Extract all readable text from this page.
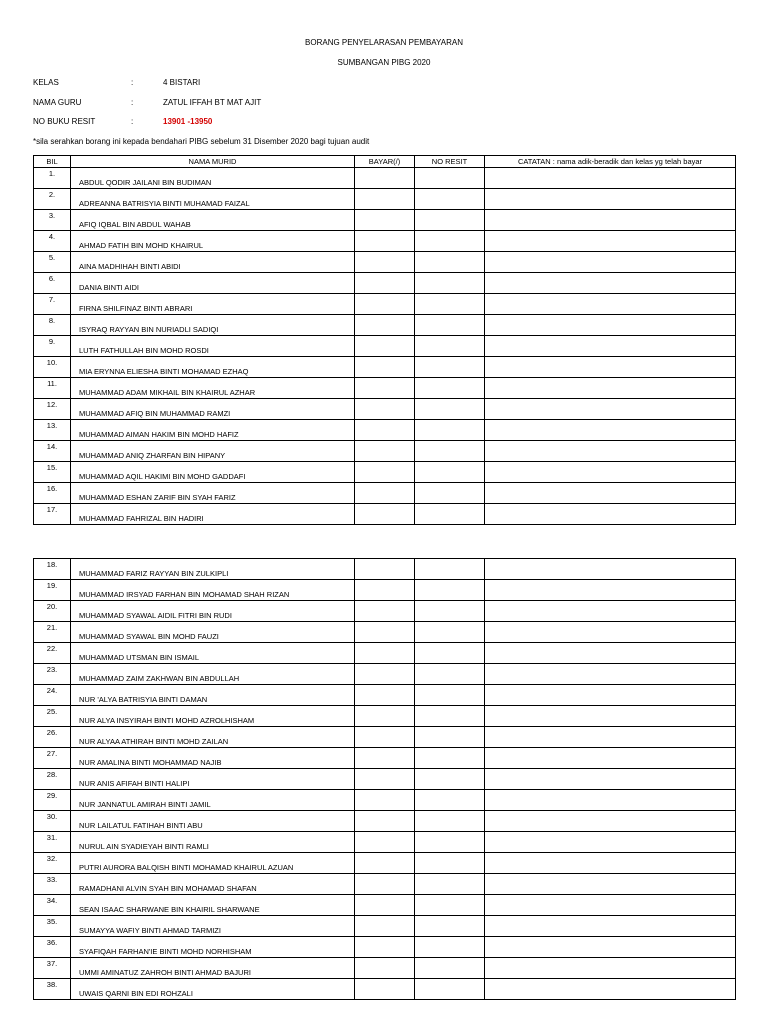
BORANG PENYELARASAN PEMBAYARAN
SUMBANGAN PIBG 2020
KELAS	:	4 BISTARI
NAMA GURU	:	ZATUL IFFAH BT MAT AJIT
NO BUKU RESIT	:	13901 -13950
*sila serahkan borang ini kepada bendahari PIBG sebelum 31 Disember 2020 bagi tujuan audit
BIL	NAMA MURID	BAYAR(/)	NO RESIT	CATATAN : nama adik-beradik dan kelas yg telah bayar
1.	ABDUL QODIR JAILANI BIN BUDIMAN			
2.	ADREANNA BATRISYIA BINTI MUHAMAD FAIZAL			
3.	AFIQ IQBAL BIN ABDUL WAHAB			
4.	AHMAD FATIH BIN MOHD KHAIRUL			
5.	AINA MADHIHAH BINTI ABIDI			
6.	DANIA BINTI AIDI			
7.	FIRNA SHILFINAZ BINTI ABRARI			
8.	ISYRAQ RAYYAN BIN NURIADLI SADIQI			
9.	LUTH FATHULLAH BIN MOHD ROSDI			
10.	MIA ERYNNA ELIESHA BINTI MOHAMAD EZHAQ			
11.	MUHAMMAD ADAM MIKHAIL BIN KHAIRUL AZHAR			
12.	MUHAMMAD AFIQ BIN MUHAMMAD RAMZI			
13.	MUHAMMAD AIMAN HAKIM BIN MOHD HAFIZ			
14.	MUHAMMAD ANIQ ZHARFAN BIN HIPANY			
15.	MUHAMMAD AQIL HAKIMI BIN MOHD GADDAFI			
16.	MUHAMMAD ESHAN ZARIF BIN SYAH FARIZ			
17.	MUHAMMAD FAHRIZAL BIN HADIRI			
18.	MUHAMMAD FARIZ RAYYAN BIN ZULKIPLI			
19.	MUHAMMAD IRSYAD FARHAN BIN MOHAMAD SHAH RIZAN			
20.	MUHAMMAD SYAWAL AIDIL FITRI BIN RUDI			
21.	MUHAMMAD SYAWAL BIN MOHD FAUZI			
22.	MUHAMMAD UTSMAN BIN ISMAIL			
23.	MUHAMMAD ZAIM ZAKHWAN BIN ABDULLAH			
24.	NUR 'ALYA BATRISYIA BINTI DAMAN			
25.	NUR ALYA INSYIRAH BINTI MOHD AZROLHISHAM			
26.	NUR ALYAA ATHIRAH BINTI MOHD ZAILAN			
27.	NUR AMALINA BINTI MOHAMMAD NAJIB			
28.	NUR ANIS AFIFAH BINTI HALIPI			
29.	NUR JANNATUL AMIRAH BINTI JAMIL			
30.	NUR LAILATUL FATIHAH BINTI ABU			
31.	NURUL AIN SYADIEYAH BINTI RAMLI			
32.	PUTRI AURORA BALQISH BINTI MOHAMAD KHAIRUL AZUAN			
33.	RAMADHANI ALVIN SYAH BIN MOHAMAD SHAFAN			
34.	SEAN ISAAC SHARWANE BIN KHAIRIL SHARWANE			
35.	SUMAYYA WAFIY BINTI AHMAD TARMIZI			
36.	SYAFIQAH FARHAN'IE BINTI MOHD NORHISHAM			
37.	UMMI AMINATUZ ZAHROH BINTI AHMAD BAJURI			
38.	UWAIS QARNI BIN EDI ROHZALI			
